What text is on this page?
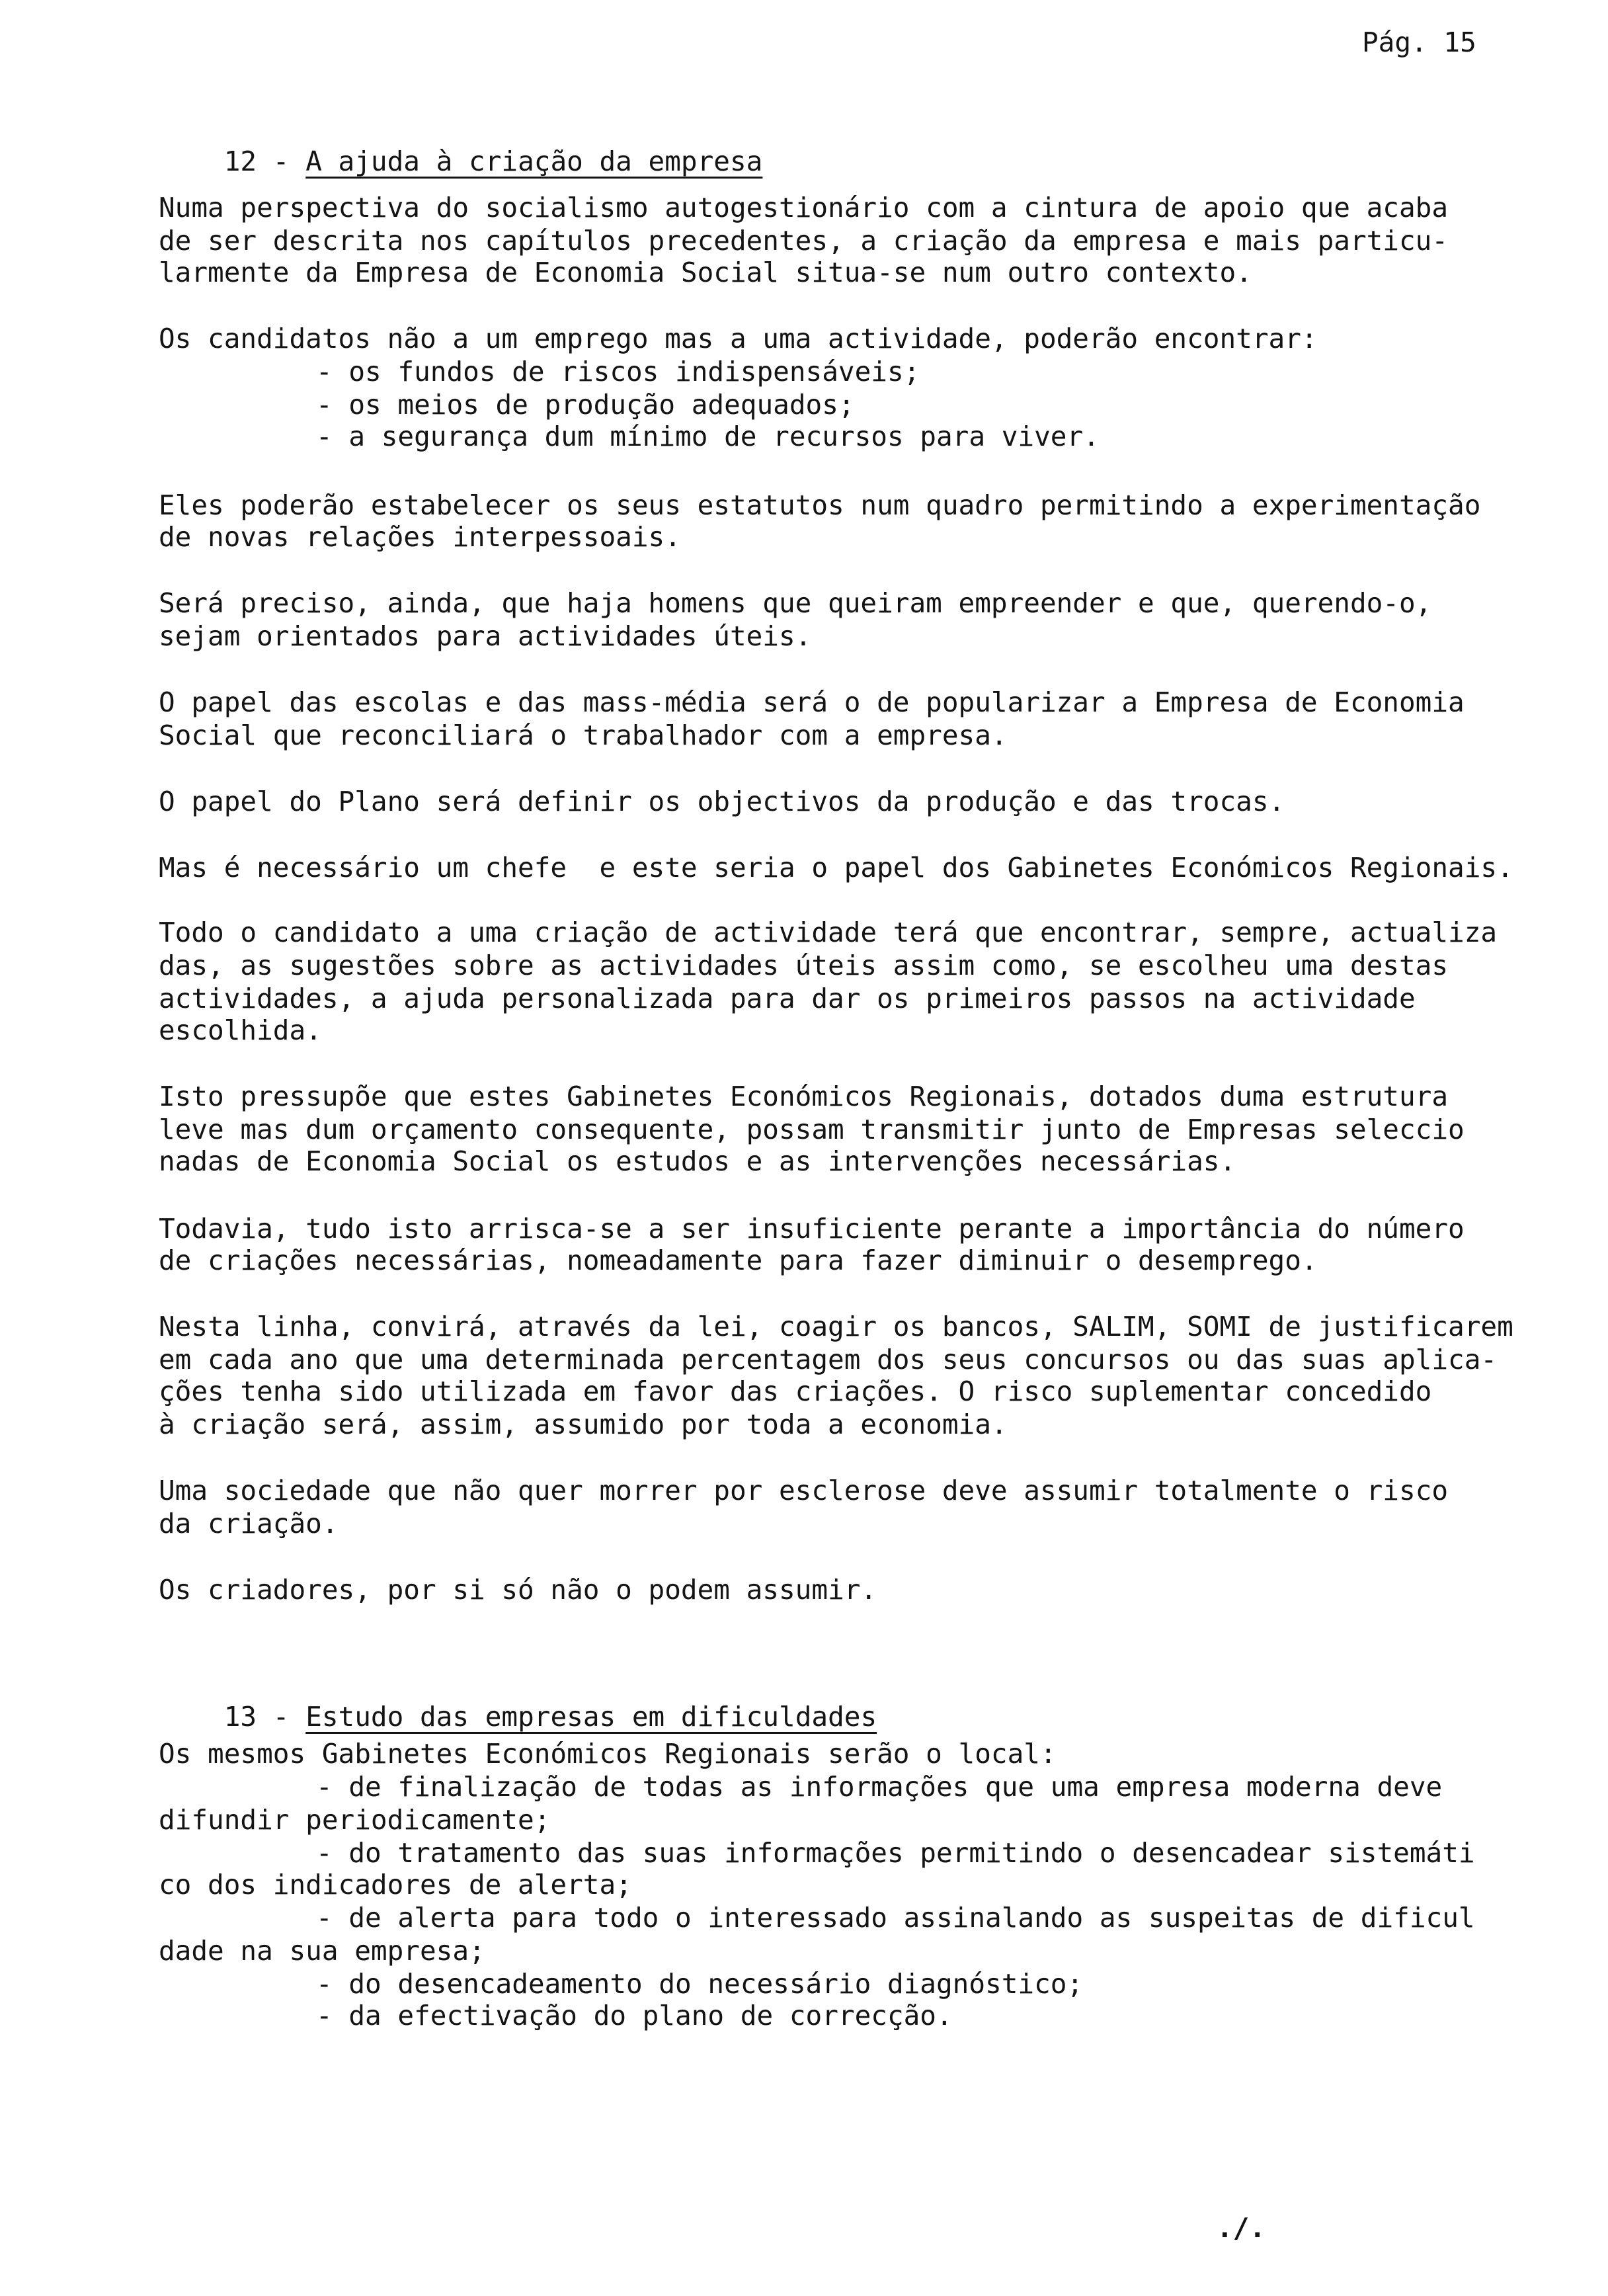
Pág. 15

12 - A ajuda à criação da empresa

Numa perspectiva do socialismo autogestionário com a cintura de apoio que acaba
de ser descrita nos capítulos precedentes, a criação da empresa e mais particu-
larmente da Empresa de Economia Social situa-se num outro contexto.
Os candidatos não a um emprego mas a uma actividade, poderão encontrar:
- os fundos de riscos indispensáveis;
- os meios de produção adequados;
- a segurança dum mínimo de recursos para viver.
Eles poderão estabelecer os seus estatutos num quadro permitindo a experimentação
de novas relações interpessoais.
Será preciso, ainda, que haja homens que queiram empreender e que, querendo-o,
sejam orientados para actividades úteis.
O papel das escolas e das mass-média será o de popularizar a Empresa de Economia
Social que reconciliará o trabalhador com a empresa.
O papel do Plano será definir os objectivos da produção e das trocas.
Mas é necessário um chefe  e este seria o papel dos Gabinetes Económicos Regionais.
Todo o candidato a uma criação de actividade terá que encontrar, sempre, actualiza
das, as sugestões sobre as actividades úteis assim como, se escolheu uma destas
actividades, a ajuda personalizada para dar os primeiros passos na actividade
escolhida.
Isto pressupõe que estes Gabinetes Económicos Regionais, dotados duma estrutura
leve mas dum orçamento consequente, possam transmitir junto de Empresas seleccio
nadas de Economia Social os estudos e as intervenções necessárias.
Todavia, tudo isto arrisca-se a ser insuficiente perante a importância do número
de criações necessárias, nomeadamente para fazer diminuir o desemprego.
Nesta linha, convirá, através da lei, coagir os bancos, SALIM, SOMI de justificarem
em cada ano que uma determinada percentagem dos seus concursos ou das suas aplica-
ções tenha sido utilizada em favor das criações. O risco suplementar concedido
à criação será, assim, assumido por toda a economia.
Uma sociedade que não quer morrer por esclerose deve assumir totalmente o risco
da criação.
Os criadores, por si só não o podem assumir.

13 - Estudo das empresas em dificuldades

Os mesmos Gabinetes Económicos Regionais serão o local:
- de finalização de todas as informações que uma empresa moderna deve
difundir periodicamente;
- do tratamento das suas informações permitindo o desencadear sistemáti
co dos indicadores de alerta;
- de alerta para todo o interessado assinalando as suspeitas de dificul
dade na sua empresa;
- do desencadeamento do necessário diagnóstico;
- da efectivação do plano de correcção.
./.
